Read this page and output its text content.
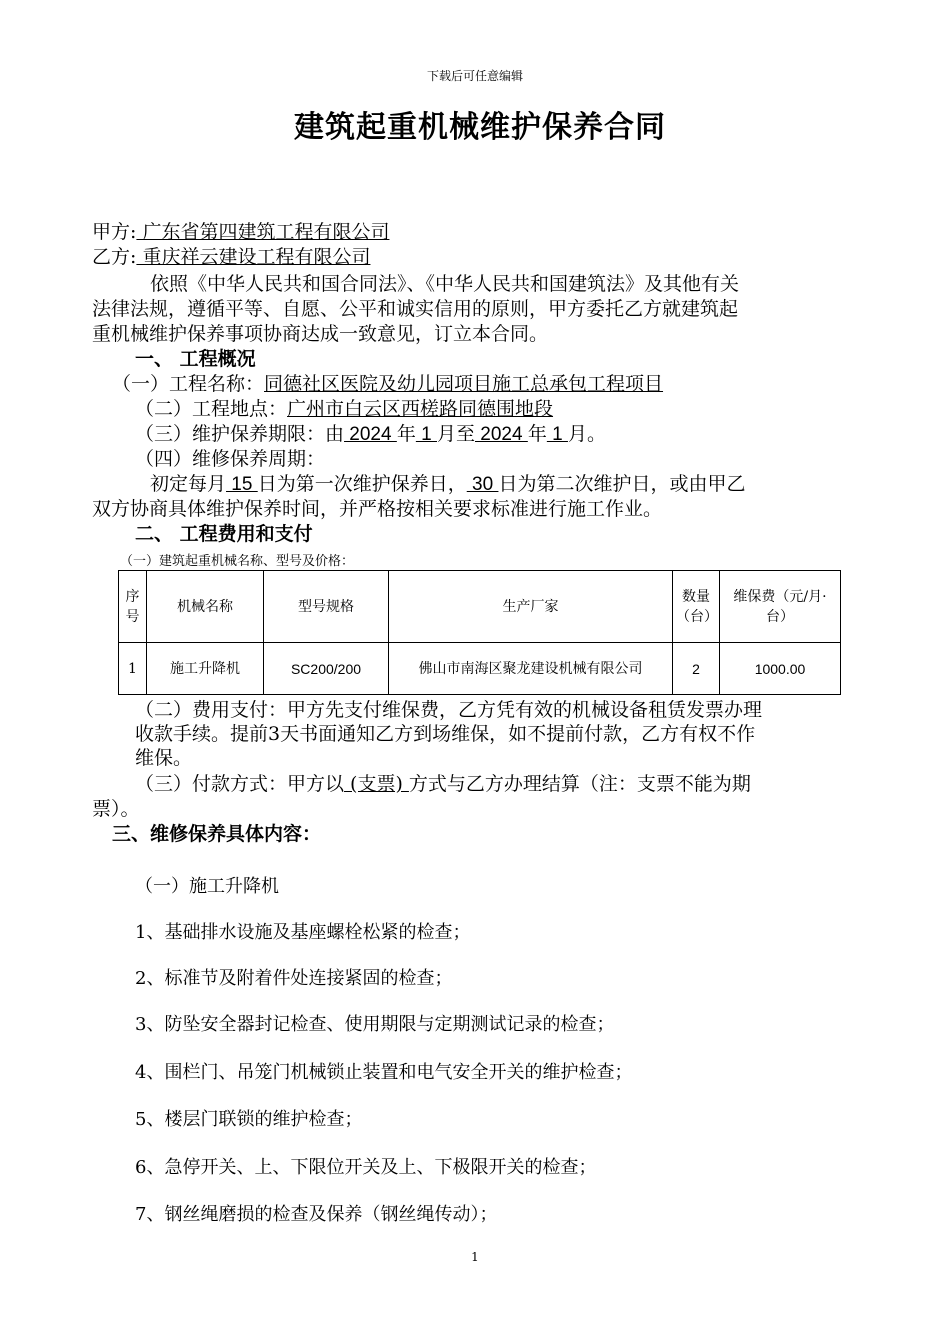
下载后可任意编辑
建筑起重机械维护保养合同
甲方: 广东省第四建筑工程有限公司
乙方: 重庆祥云建设工程有限公司
依照《中华人民共和国合同法》、《中华人民共和国建筑法》及其他有关
法律法规，遵循平等、自愿、公平和诚实信用的原则，甲方委托乙方就建筑起
重机械维护保养事项协商达成一致意见，订立本合同。
一、 工程概况
（一）工程名称：同德社区医院及幼儿园项目施工总承包工程项目
（二）工程地点：广州市白云区西槎路同德围地段
（三）维护保养期限：由 2024 年 1 月至 2024 年 1 月。
（四）维修保养周期：
初定每月 15 日为第一次维护保养日， 30 日为第二次维护日，或由甲乙
双方协商具体维护保养时间，并严格按相关要求标准进行施工作业。
二、 工程费用和支付
（一）建筑起重机械名称、型号及价格：
序号	机械名称	型号规格	生产厂家	数量（台）	维保费（元/月·台）
1	施工升降机	SC200/200	佛山市南海区聚龙建设机械有限公司	2	1000.00
（二）费用支付：甲方先支付维保费，乙方凭有效的机械设备租赁发票办理
收款手续。提前3天书面通知乙方到场维保，如不提前付款，乙方有权不作
维保。
（三）付款方式：甲方以 (支票) 方式与乙方办理结算（注：支票不能为期
票）。
三、维修保养具体内容：
（一）施工升降机
1、基础排水设施及基座螺栓松紧的检查；
2、标准节及附着件处连接紧固的检查；
3、防坠安全器封记检查、使用期限与定期测试记录的检查；
4、围栏门、吊笼门机械锁止装置和电气安全开关的维护检查；
5、楼层门联锁的维护检查；
6、急停开关、上、下限位开关及上、下极限开关的检查；
7、钢丝绳磨损的检查及保养（钢丝绳传动）；
1
